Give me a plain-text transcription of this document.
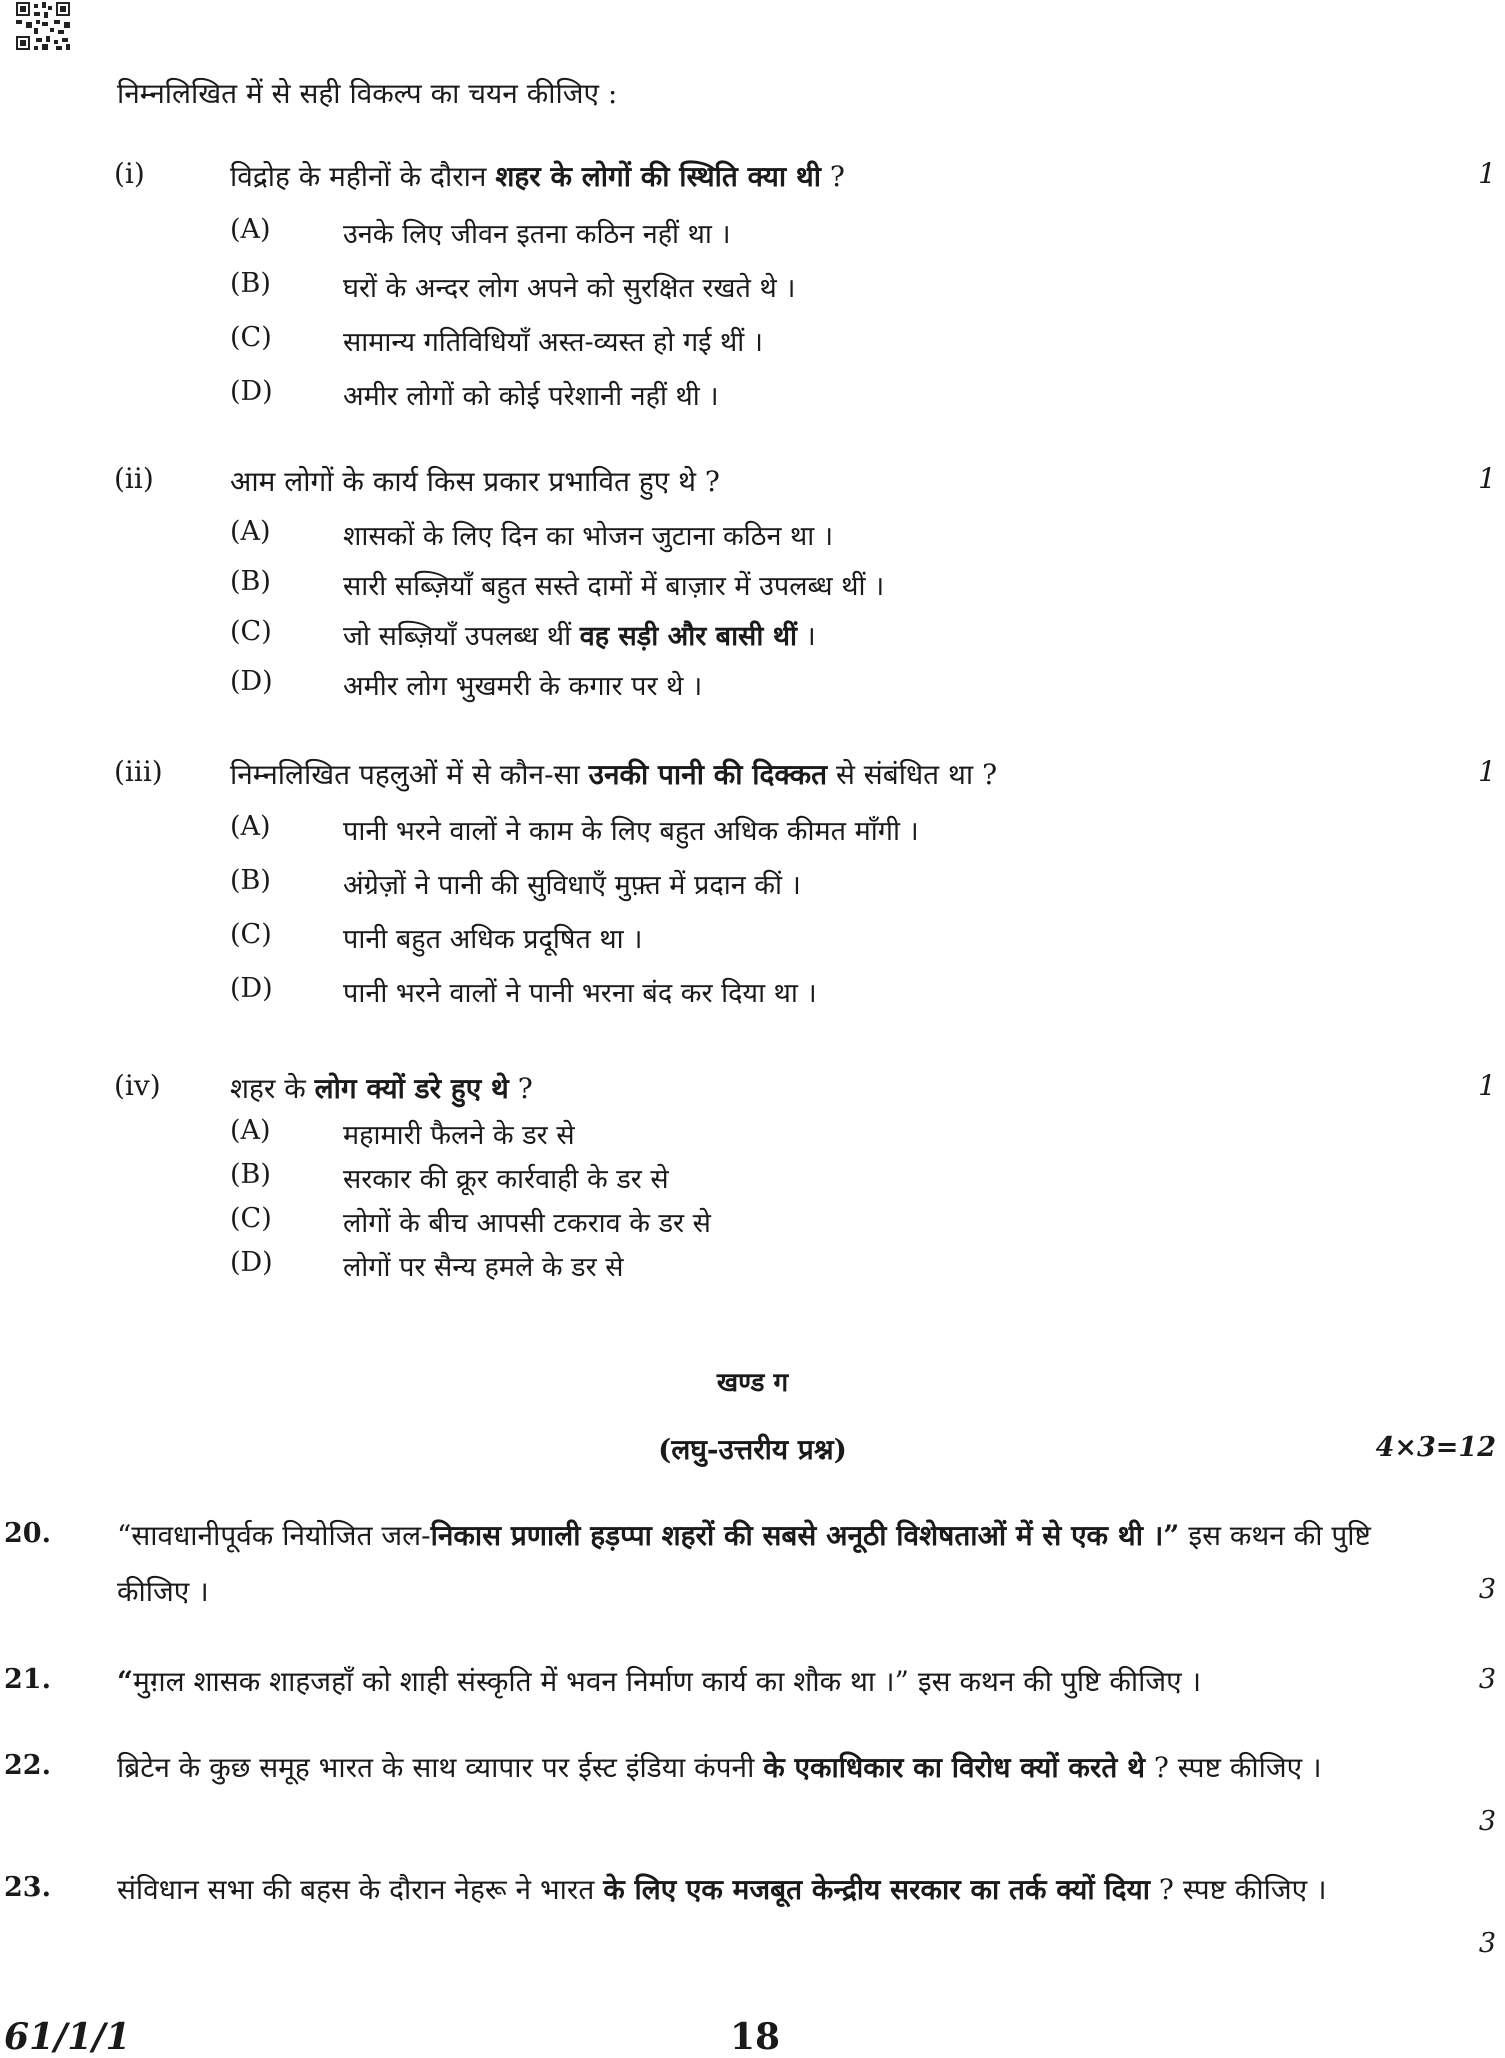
निम्नलिखित में से सही विकल्प का चयन कीजिए :
(i)	विद्रोह के महीनों के दौरान शहर के लोगों की स्थिति क्या थी ?	1
(A)	उनके लिए जीवन इतना कठिन नहीं था ।
(B)	घरों के अन्दर लोग अपने को सुरक्षित रखते थे ।
(C)	सामान्य गतिविधियाँ अस्त-व्यस्त हो गई थीं ।
(D)	अमीर लोगों को कोई परेशानी नहीं थी ।
(ii)	आम लोगों के कार्य किस प्रकार प्रभावित हुए थे ?	1
(A)	शासकों के लिए दिन का भोजन जुटाना कठिन था ।
(B)	सारी सब्ज़ियाँ बहुत सस्ते दामों में बाज़ार में उपलब्ध थीं ।
(C)	जो सब्ज़ियाँ उपलब्ध थीं वह सड़ी और बासी थीं ।
(D)	अमीर लोग भुखमरी के कगार पर थे ।
(iii) निम्नलिखित पहलुओं में से कौन-सा उनकी पानी की दिक्कत से संबंधित था ?	1
(A)	पानी भरने वालों ने काम के लिए बहुत अधिक कीमत माँगी ।
(B)	अंग्रेज़ों ने पानी की सुविधाएँ मुफ़्त में प्रदान कीं ।
(C)	पानी बहुत अधिक प्रदूषित था ।
(D)	पानी भरने वालों ने पानी भरना बंद कर दिया था ।
(iv) शहर के लोग क्यों डरे हुए थे ?	1
(A)	महामारी फैलने के डर से
(B)	सरकार की क्रूर कार्रवाही के डर से
(C)	लोगों के बीच आपसी टकराव के डर से
(D)	लोगों पर सैन्य हमले के डर से
खण्ड ग
(लघु-उत्तरीय प्रश्न)	4×3=12
20. “सावधानीपूर्वक नियोजित जल-निकास प्रणाली हड़प्पा शहरों की सबसे अनूठी विशेषताओं में से एक थी ।” इस कथन की पुष्टि कीजिए ।	3
21. “मुग़ल शासक शाहजहाँ को शाही संस्कृति में भवन निर्माण कार्य का शौक था ।” इस कथन की पुष्टि कीजिए ।	3
22. ब्रिटेन के कुछ समूह भारत के साथ व्यापार पर ईस्ट इंडिया कंपनी के एकाधिकार का विरोध क्यों करते थे ? स्पष्ट कीजिए ।
3
23. संविधान सभा की बहस के दौरान नेहरू ने भारत के लिए एक मजबूत केन्द्रीय सरकार का तर्क क्यों दिया ? स्पष्ट कीजिए ।
3
61/1/1	18
